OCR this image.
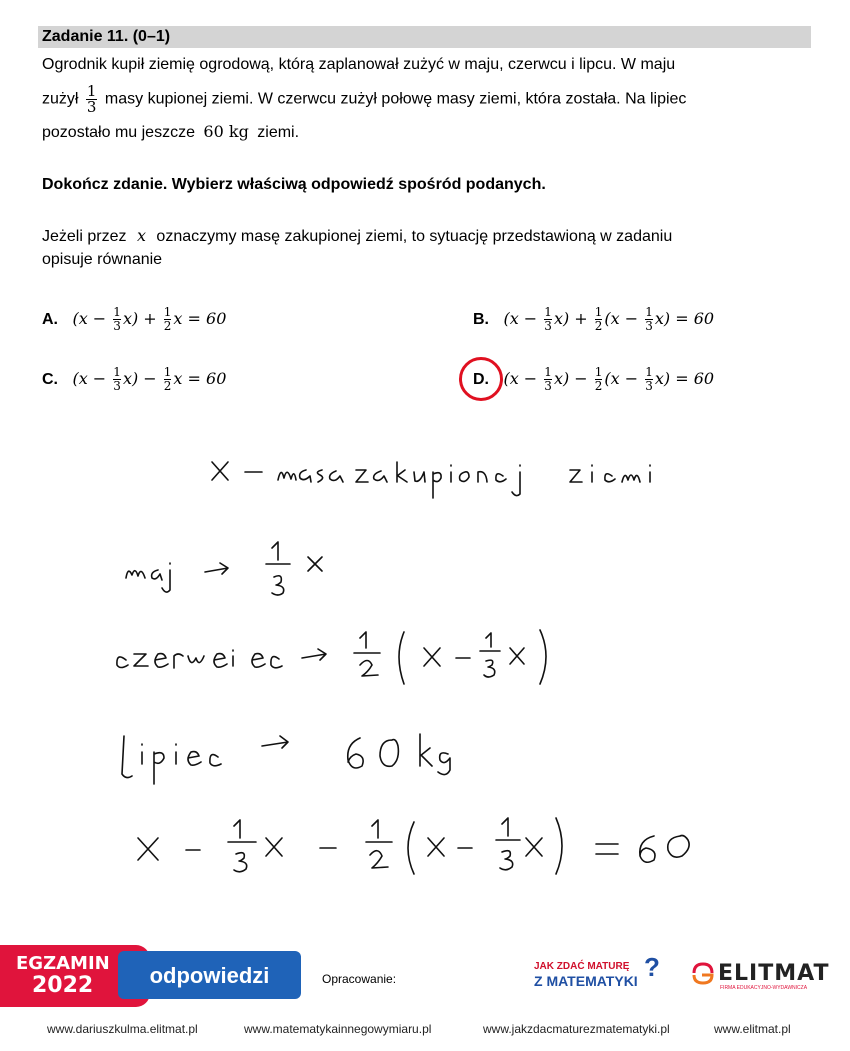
Zadanie 11. (0–1)
Ogrodnik kupił ziemię ogrodową, którą zaplanował zużyć w maju, czerwcu i lipcu. W maju
zużył $\frac{1}{3}$ masy kupionej ziemi. W czerwcu zużył połowę masy ziemi, która została. Na lipiec
pozostało mu jeszcze 60 kg ziemi.
Dokończ zdanie. Wybierz właściwą odpowiedź spośród podanych.
Jeżeli przez x oznaczymy masę zakupionej ziemi, to sytuację przedstawioną w zadaniu
opisuje równanie
A. $(x - \frac{1}{3} x) + \frac{1}{2}$ x = 60	B. $(x - \frac{1}{3} x) + \frac{1}{2} (x - \frac{1}{3} x) = 60$
C. $(x - \frac{1}{3} x) - \frac{1}{2}$ x = 60	D. $(x - \frac{1}{3} x) - \frac{1}{2} (x - \frac{1}{3} x) = 60$
EGZAMIN
2022	odpowiedzi	Opracowanie:
JAK ZDAĆ MATURĘ
Z MATEMATYKI ?	ELITMAT
FIRMA EDUKACYJNO-WYDAWNICZA
www.dariuszkulma.elitmat.pl	www.matematykainnegowymiaru.pl	www.jakzdacmaturezmatematyki.pl	www.elitmat.pl
